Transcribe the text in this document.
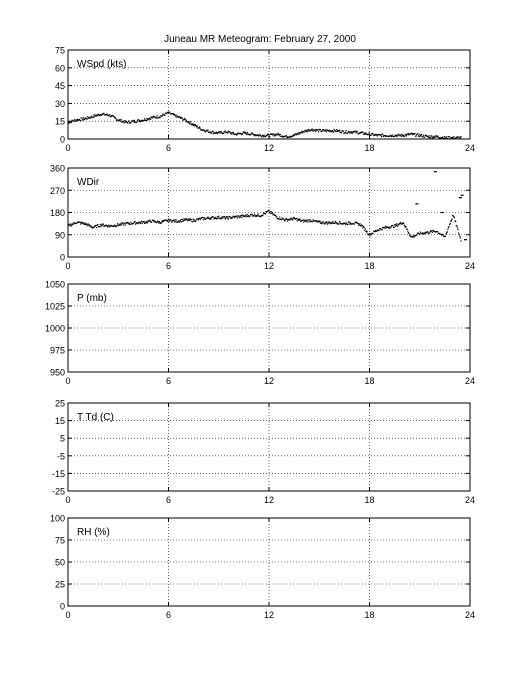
Juneau MR Meteogram: February 27, 2000
0
15
30
45
60
75
0	6	12	18	24
WSpd (kts)
0
90
180
270
360
0	6	12	18	24
WDir
950
975
1000
1025
1050
0	6	12	18	24
P (mb)
-25
-15
-5
5
15
25
0	6	12	18	24
T Td (C)
0
25
50
75
100
0	6	12	18	24
RH (%)
